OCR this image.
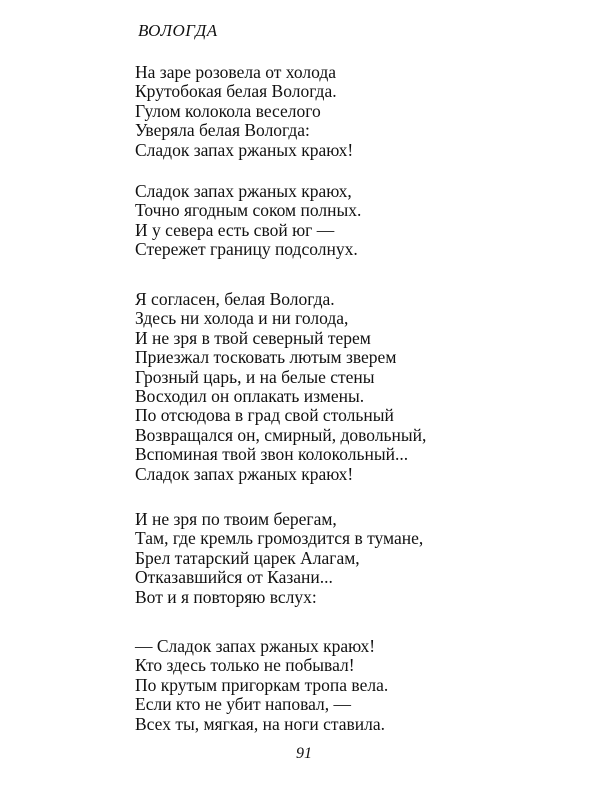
ВОЛОГДА
На заре розовела от холода
Крутобокая белая Вологда.
Гулом колокола веселого
Уверяла белая Вологда:
Сладок запах ржаных краюх!
Сладок запах ржаных краюх,
Точно ягодным соком полных.
И у севера есть свой юг —
Стережет границу подсолнух.
Я согласен, белая Вологда.
Здесь ни холода и ни голода,
И не зря в твой северный терем
Приезжал тосковать лютым зверем
Грозный царь, и на белые стены
Восходил он оплакать измены.
По отсюдова в град свой стольный
Возвращался он, смирный, довольный,
Вспоминая твой звон колокольный...
Сладок запах ржаных краюх!
И не зря по твоим берегам,
Там, где кремль громоздится в тумане,
Брел татарский царек Алагам,
Отказавшийся от Казани...
Вот и я повторяю вслух:
— Сладок запах ржаных краюх!
Кто здесь только не побывал!
По крутым пригоркам тропа вела.
Если кто не убит наповал, —
Всех ты, мягкая, на ноги ставила.
91
